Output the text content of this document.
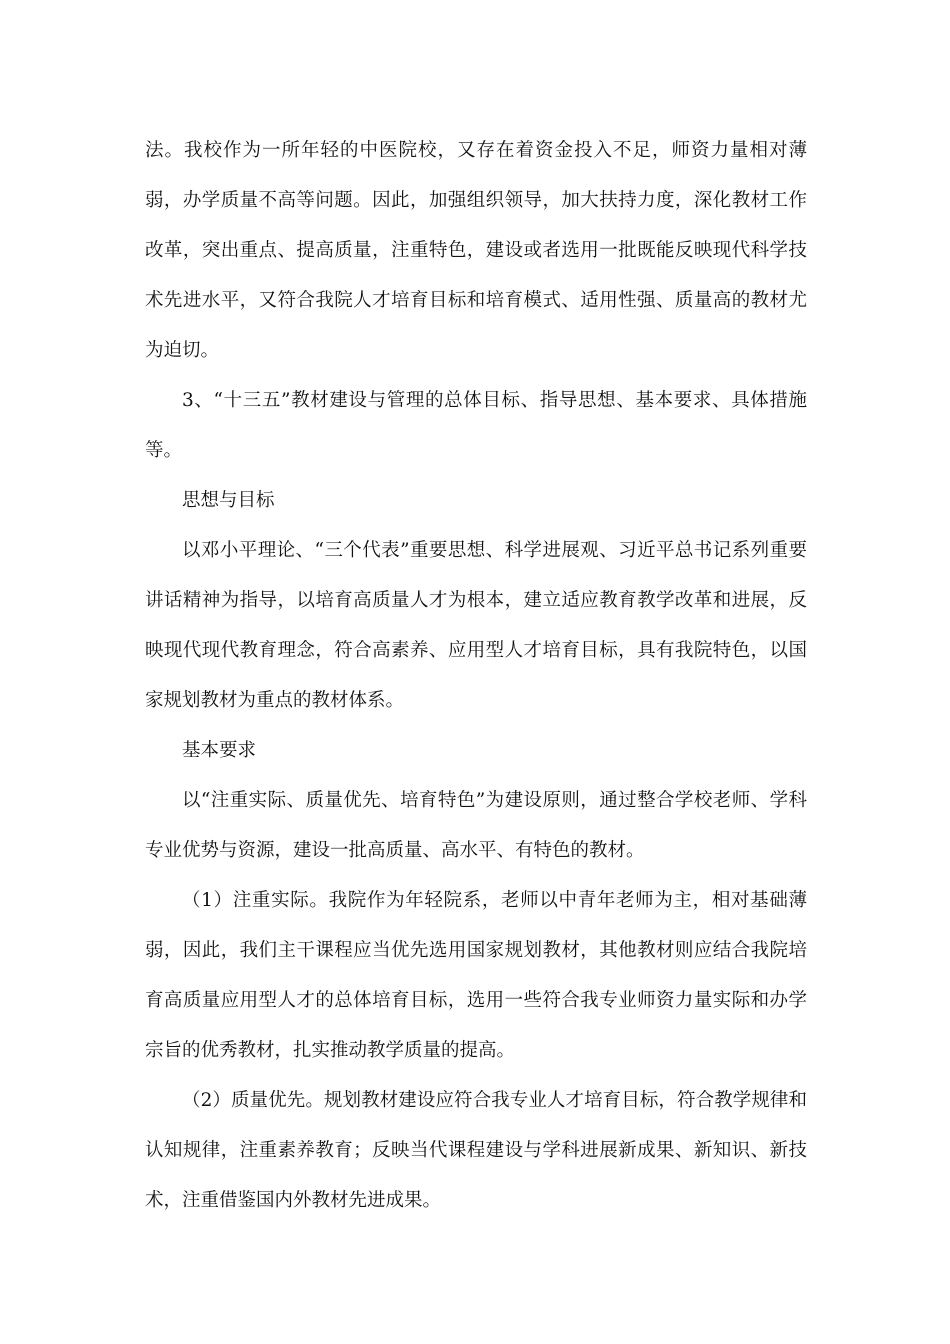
法。我校作为一所年轻的中医院校，又存在着资金投入不足，师资力量相对薄弱，办学质量不高等问题。因此，加强组织领导，加大扶持力度，深化教材工作改革，突出重点、提高质量，注重特色，建设或者选用一批既能反映现代科学技术先进水平，又符合我院人才培育目标和培育模式、适用性强、质量高的教材尤为迫切。

3、“十三五”教材建设与管理的总体目标、指导思想、基本要求、具体措施等。

思想与目标

以邓小平理论、“三个代表”重要思想、科学进展观、习近平总书记系列重要讲话精神为指导，以培育高质量人才为根本，建立适应教育教学改革和进展，反映现代现代教育理念，符合高素养、应用型人才培育目标，具有我院特色，以国家规划教材为重点的教材体系。

基本要求

以“注重实际、质量优先、培育特色”为建设原则，通过整合学校老师、学科专业优势与资源，建设一批高质量、高水平、有特色的教材。

（1）注重实际。我院作为年轻院系，老师以中青年老师为主，相对基础薄弱，因此，我们主干课程应当优先选用国家规划教材，其他教材则应结合我院培育高质量应用型人才的总体培育目标，选用一些符合我专业师资力量实际和办学宗旨的优秀教材，扎实推动教学质量的提高。

（2）质量优先。规划教材建设应符合我专业人才培育目标，符合教学规律和认知规律，注重素养教育；反映当代课程建设与学科进展新成果、新知识、新技术，注重借鉴国内外教材先进成果。
